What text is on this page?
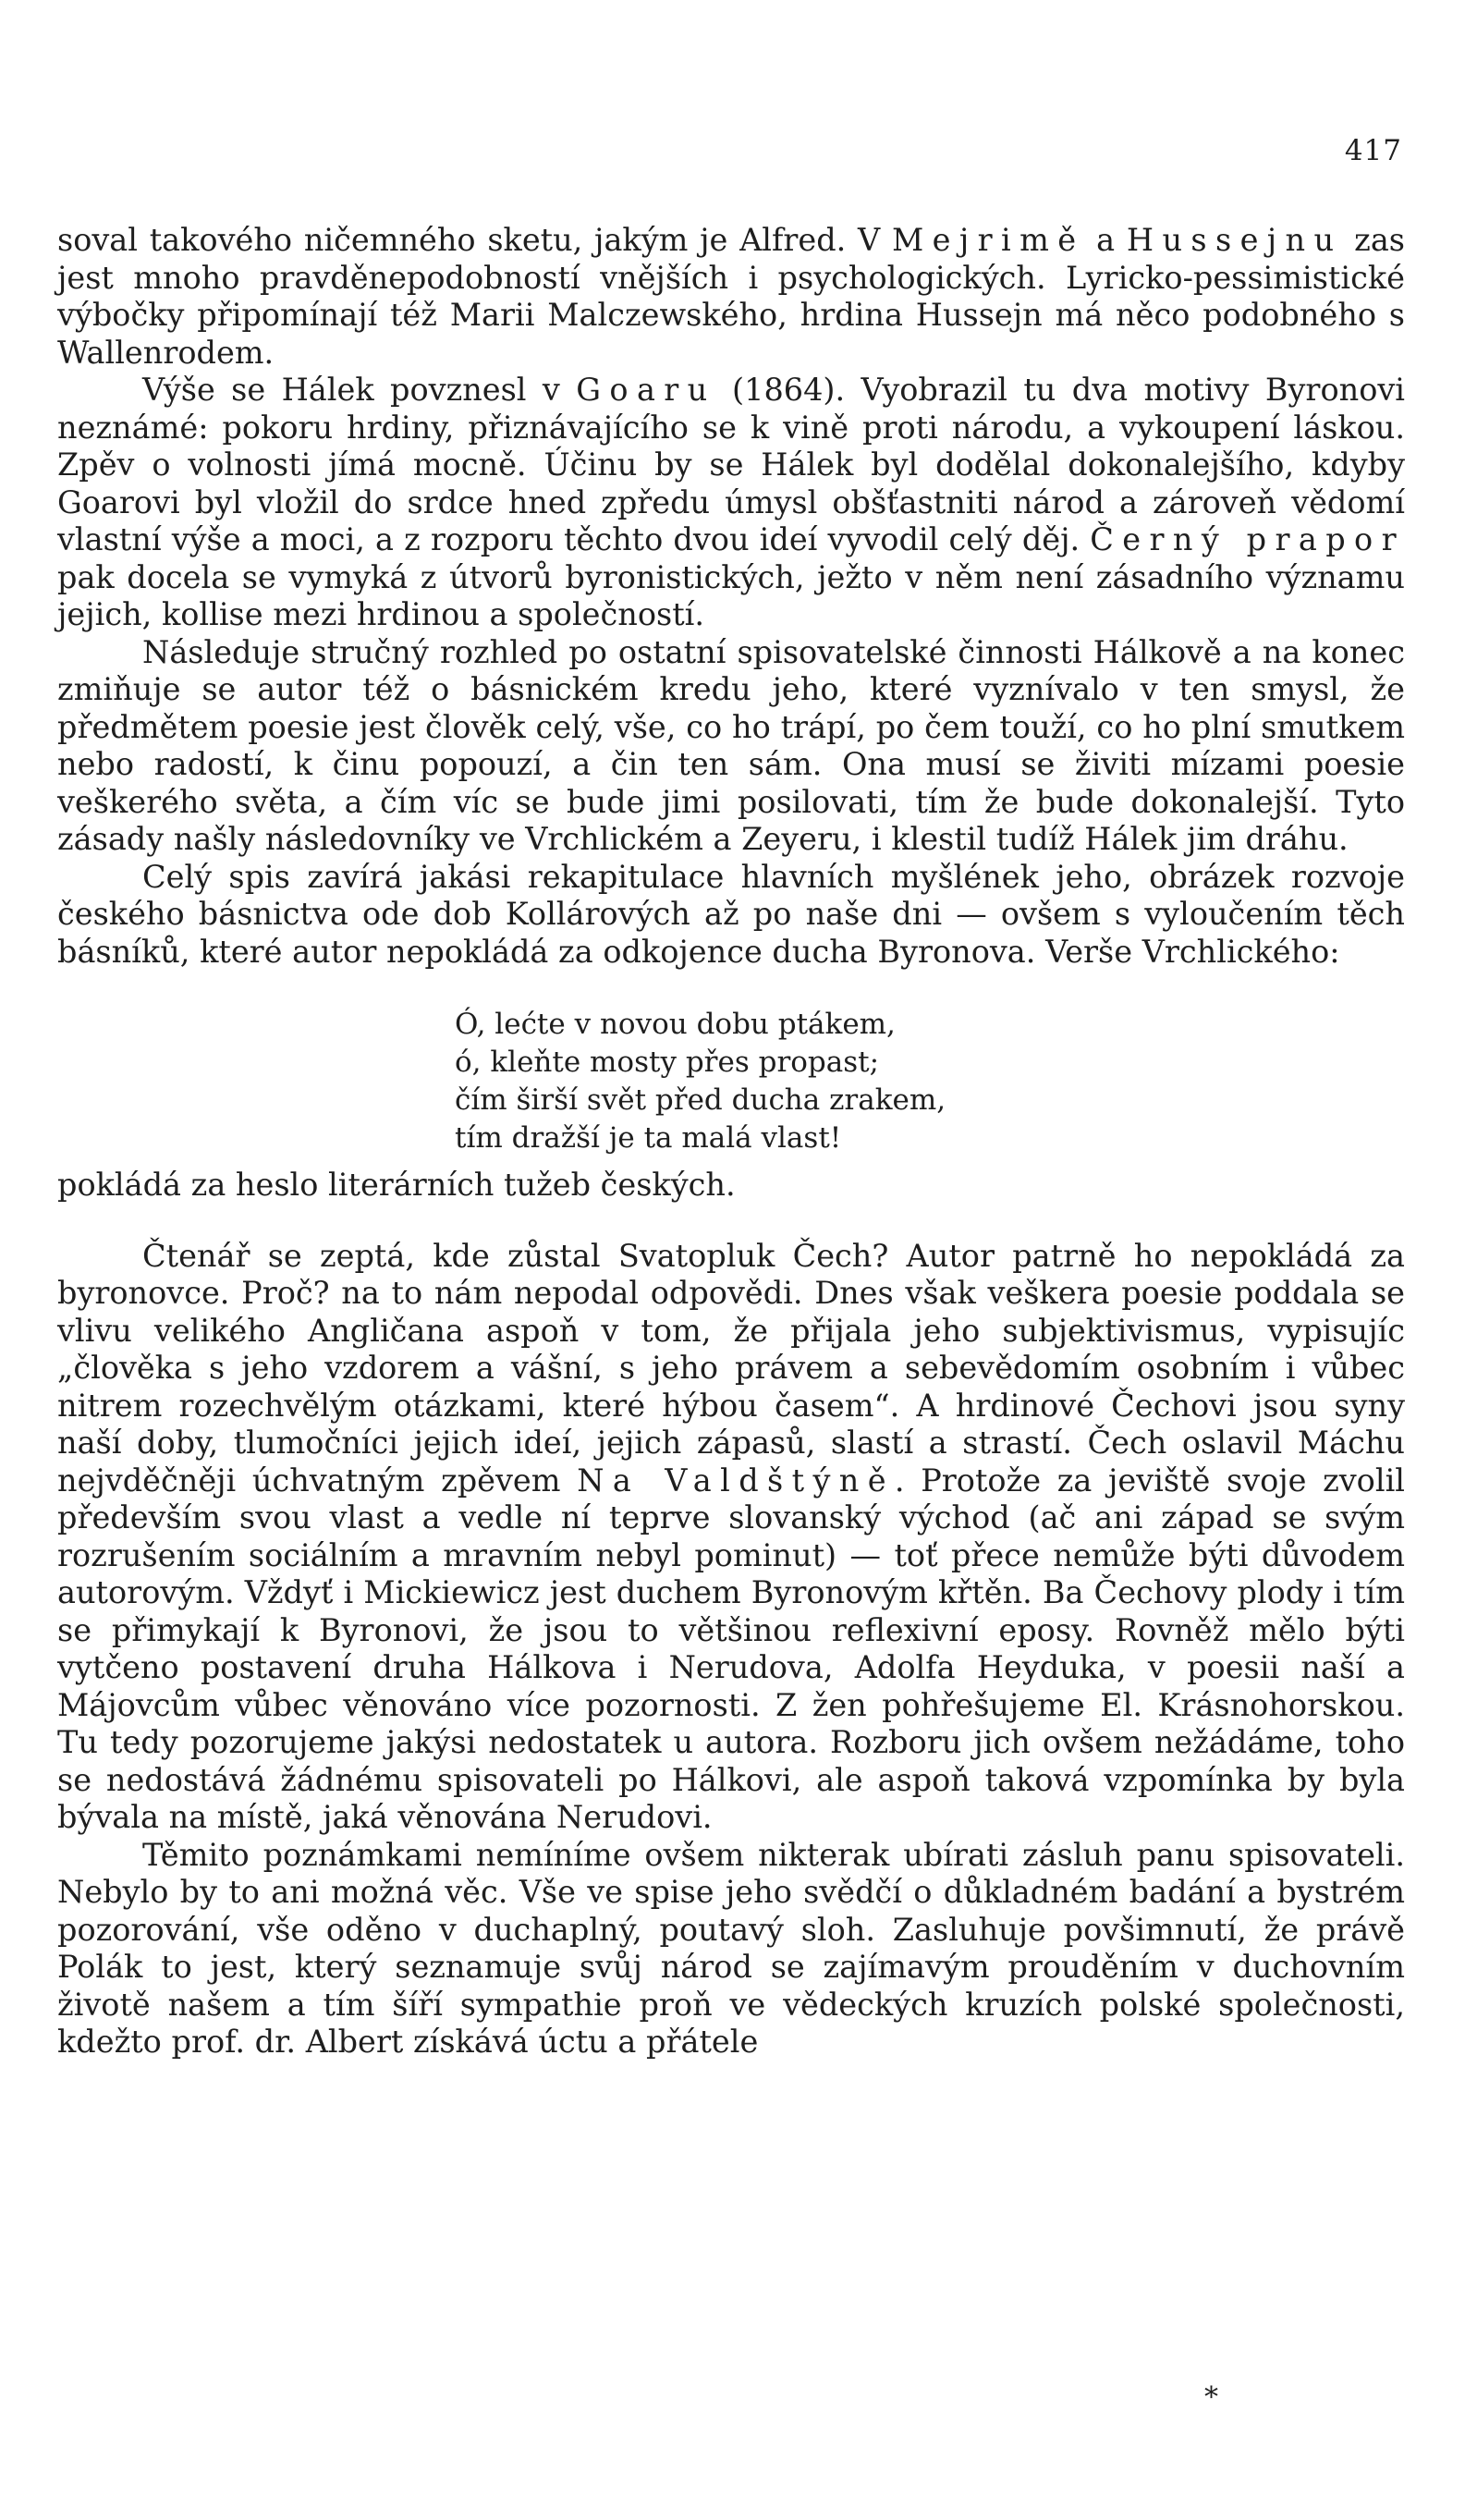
417

soval takového ničemného sketu, jakým je Alfred. V Mejrimě a Hussejnu zas jest mnoho pravděnepodobností vnějších i psychologických. Lyricko-pessimistické výbočky připomínají též Marii Malczewského, hrdina Hussejn má něco podobného s Wallenrodem.

Výše se Hálek povznesl v Goaru (1864). Vyobrazil tu dva motivy Byronovi neznámé: pokoru hrdiny, přiznávajícího se k vině proti národu, a vykoupení láskou. Zpěv o volnosti jímá mocně. Účinu by se Hálek byl dodělal dokonalejšího, kdyby Goarovi byl vložil do srdce hned zpředu úmysl obšťastniti národ a zároveň vědomí vlastní výše a moci, a z rozporu těchto dvou ideí vyvodil celý děj. Černý prapor pak docela se vymyká z útvorů byronistických, ježto v něm není zásadního významu jejich, kollise mezi hrdinou a společností.

Následuje stručný rozhled po ostatní spisovatelské činnosti Hálkově a na konec zmiňuje se autor též o básnickém kredu jeho, které vyznívalo v ten smysl, že předmětem poesie jest člověk celý, vše, co ho trápí, po čem touží, co ho plní smutkem nebo radostí, k činu popouzí, a čin ten sám. Ona musí se živiti mízami poesie veškerého světa, a čím víc se bude jimi posilovati, tím že bude dokonalejší. Tyto zásady našly následovníky ve Vrchlickém a Zeyeru, i klestil tudíž Hálek jim dráhu.

Celý spis zavírá jakási rekapitulace hlavních myšlének jeho, obrázek rozvoje českého básnictva ode dob Kollárových až po naše dni — ovšem s vyloučením těch básníků, které autor nepokládá za odkojence ducha Byronova. Verše Vrchlického:

Ó, lećte v novou dobu ptákem,
ó, kleňte mosty přes propast;
čím širší svět před ducha zrakem,
tím dražší je ta malá vlast!

pokládá za heslo literárních tužeb českých.

Čtenář se zeptá, kde zůstal Svatopluk Čech? Autor patrně ho nepokládá za byronovce. Proč? na to nám nepodal odpovědi. Dnes však veškera poesie poddala se vlivu velikého Angličana aspoň v tom, že přijala jeho subjektivismus, vypisujíc „člověka s jeho vzdorem a vášní, s jeho právem a sebevědomím osobním i vůbec nitrem rozechvělým otázkami, které hýbou časem“. A hrdinové Čechovi jsou syny naší doby, tlumočníci jejich ideí, jejich zápasů, slastí a strastí. Čech oslavil Máchu nejvděčněji úchvatným zpěvem Na Valdštýně. Protože za jeviště svoje zvolil především svou vlast a vedle ní teprve slovanský východ (ač ani západ se svým rozrušením sociálním a mravním nebyl pominut) — toť přece nemůže býti důvodem autorovým. Vždyť i Mickiewicz jest duchem Byronovým křtěn. Ba Čechovy plody i tím se přimykají k Byronovi, že jsou to většinou reflexivní eposy. Rovněž mělo býti vytčeno postavení druha Hálkova i Nerudova, Adolfa Heyduka, v poesii naší a Májovcům vůbec věnováno více pozornosti. Z žen pohřešujeme El. Krásnohorskou. Tu tedy pozorujeme jakýsi nedostatek u autora. Rozboru jich ovšem nežádáme, toho se nedostává žádnému spisovateli po Hálkovi, ale aspoň taková vzpomínka by byla bývala na místě, jaká věnována Nerudovi.

Těmito poznámkami nemíníme ovšem nikterak ubírati zásluh panu spisovateli. Nebylo by to ani možná věc. Vše ve spise jeho svědčí o důkladném badání a bystrém pozorování, vše oděno v duchaplný, poutavý sloh. Zasluhuje povšimnutí, že právě Polák to jest, který seznamuje svůj národ se zajímavým prouděním v duchovním životě našem a tím šíří sympathie proň ve vědeckých kruzích polské společnosti, kdežto prof. dr. Albert získává úctu a přátele

*
